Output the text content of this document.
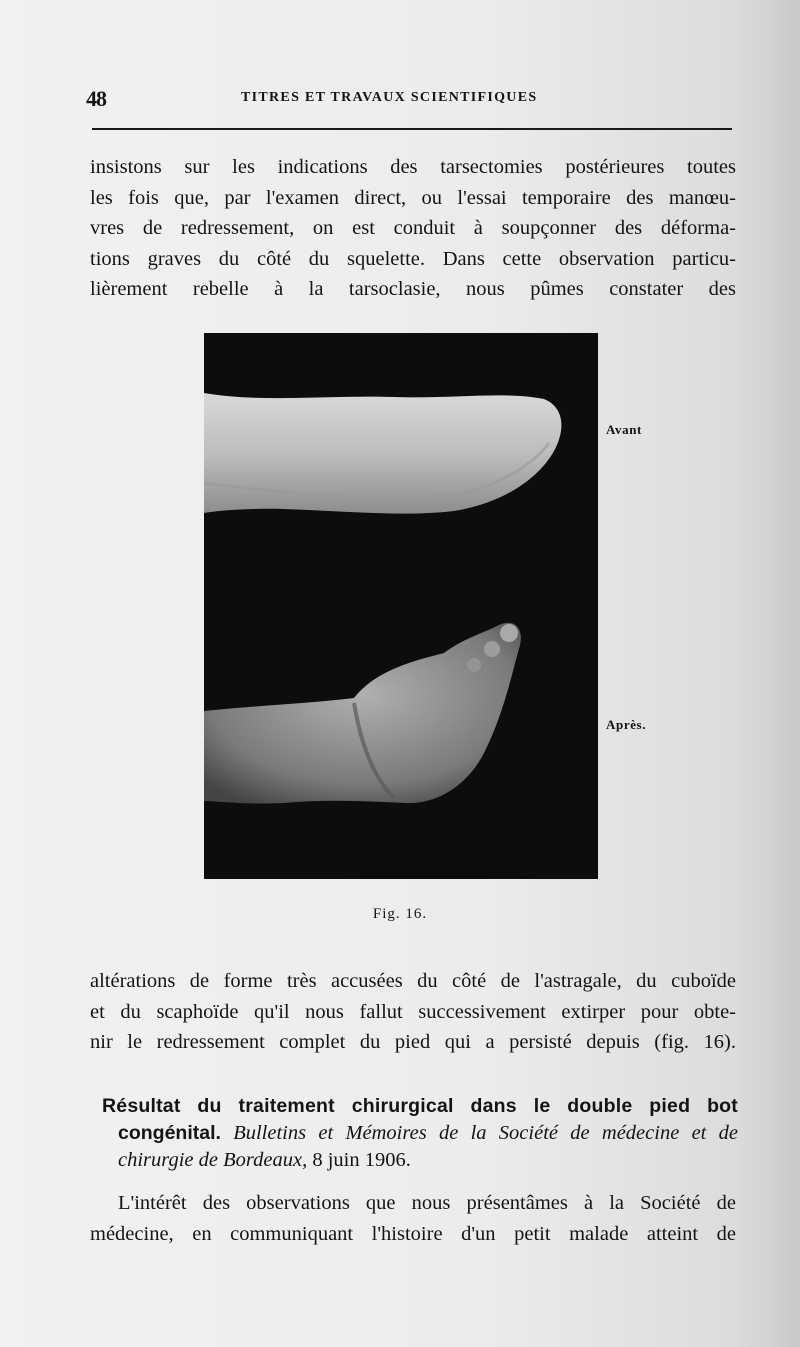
48	TITRES ET TRAVAUX SCIENTIFIQUES
insistons sur les indications des tarsectomies postérieures toutes
les fois que, par l'examen direct, ou l'essai temporaire des manœu-
vres de redressement, on est conduit à soupçonner des déforma-
tions graves du côté du squelette. Dans cette observation particu-
lièrement rebelle à la tarsoclasie, nous pûmes constater des
Avant
Après.
Fig. 16.
altérations de forme très accusées du côté de l'astragale, du cuboïde
et du scaphoïde qu'il nous fallut successivement extirper pour obte-
nir le redressement complet du pied qui a persisté depuis (fig. 16).
Résultat du traitement chirurgical dans le double pied bot
congénital. Bulletins et Mémoires de la Société de médecine et de
chirurgie de Bordeaux, 8 juin 1906.
L'intérêt des observations que nous présentâmes à la Société de
médecine, en communiquant l'histoire d'un petit malade atteint de
